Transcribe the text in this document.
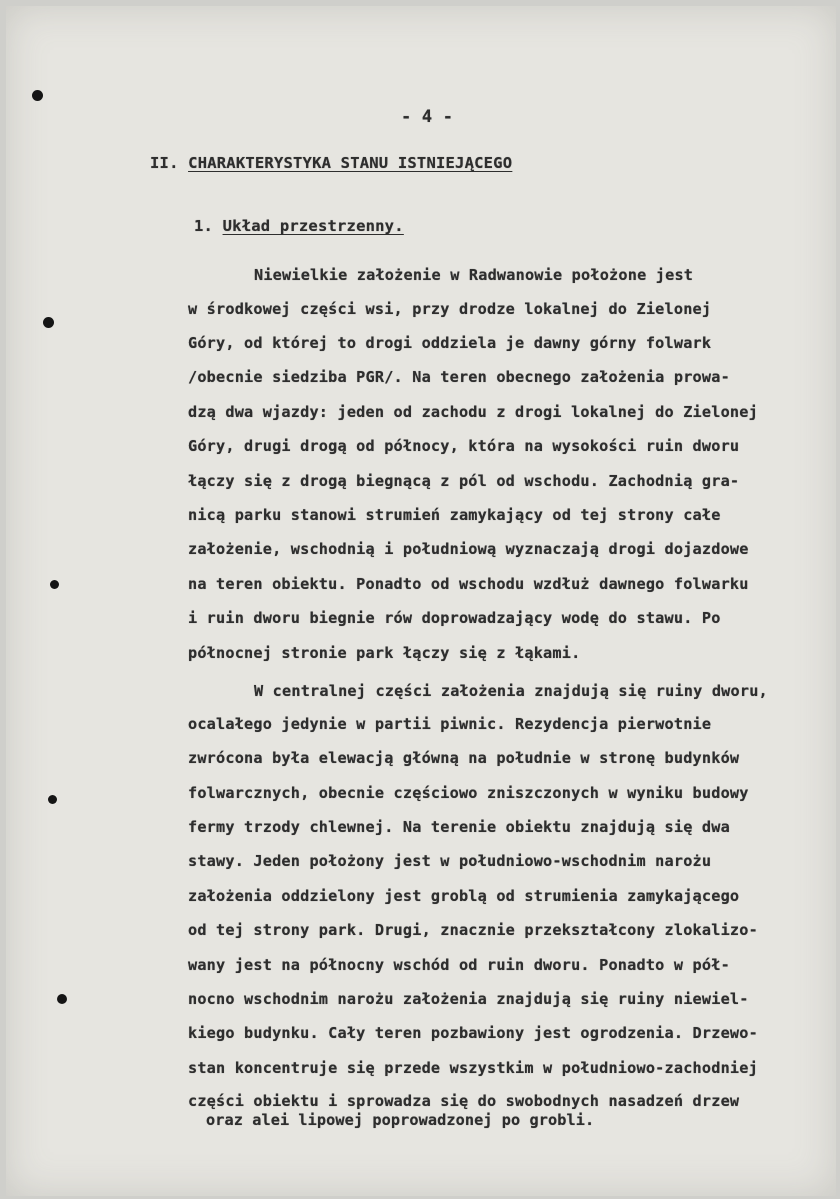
- 4 -
II. CHARAKTERYSTYKA STANU ISTNIEJĄCEGO
1. Układ przestrzenny.
Niewielkie założenie w Radwanowie położone jest
w środkowej części wsi, przy drodze lokalnej do Zielonej
Góry, od której to drogi oddziela je dawny górny folwark
/obecnie siedziba PGR/. Na teren obecnego założenia prowa-
dzą dwa wjazdy: jeden od zachodu z drogi lokalnej do Zielonej
Góry, drugi drogą od północy, która na wysokości ruin dworu
łączy się z drogą biegnącą z pól od wschodu. Zachodnią gra-
nicą parku stanowi strumień zamykający od tej strony całe
założenie, wschodnią i południową wyznaczają drogi dojazdowe
na teren obiektu. Ponadto od wschodu wzdłuż dawnego folwarku
i ruin dworu biegnie rów doprowadzający wodę do stawu. Po
północnej stronie park łączy się z łąkami.
W centralnej części założenia znajdują się ruiny dworu,
ocalałego jedynie w partii piwnic. Rezydencja pierwotnie
zwrócona była elewacją główną na południe w stronę budynków
folwarcznych, obecnie częściowo zniszczonych w wyniku budowy
fermy trzody chlewnej. Na terenie obiektu znajdują się dwa
stawy. Jeden położony jest w południowo-wschodnim narożu
założenia oddzielony jest groblą od strumienia zamykającego
od tej strony park. Drugi, znacznie przekształcony zlokalizo-
wany jest na północny wschód od ruin dworu. Ponadto w pół-
nocno wschodnim narożu założenia znajdują się ruiny niewiel-
kiego budynku. Cały teren pozbawiony jest ogrodzenia. Drzewo-
stan koncentruje się przede wszystkim w południowo-zachodniej
części obiektu i sprowadza się do swobodnych nasadzeń drzew
oraz alei lipowej poprowadzonej po grobli.
